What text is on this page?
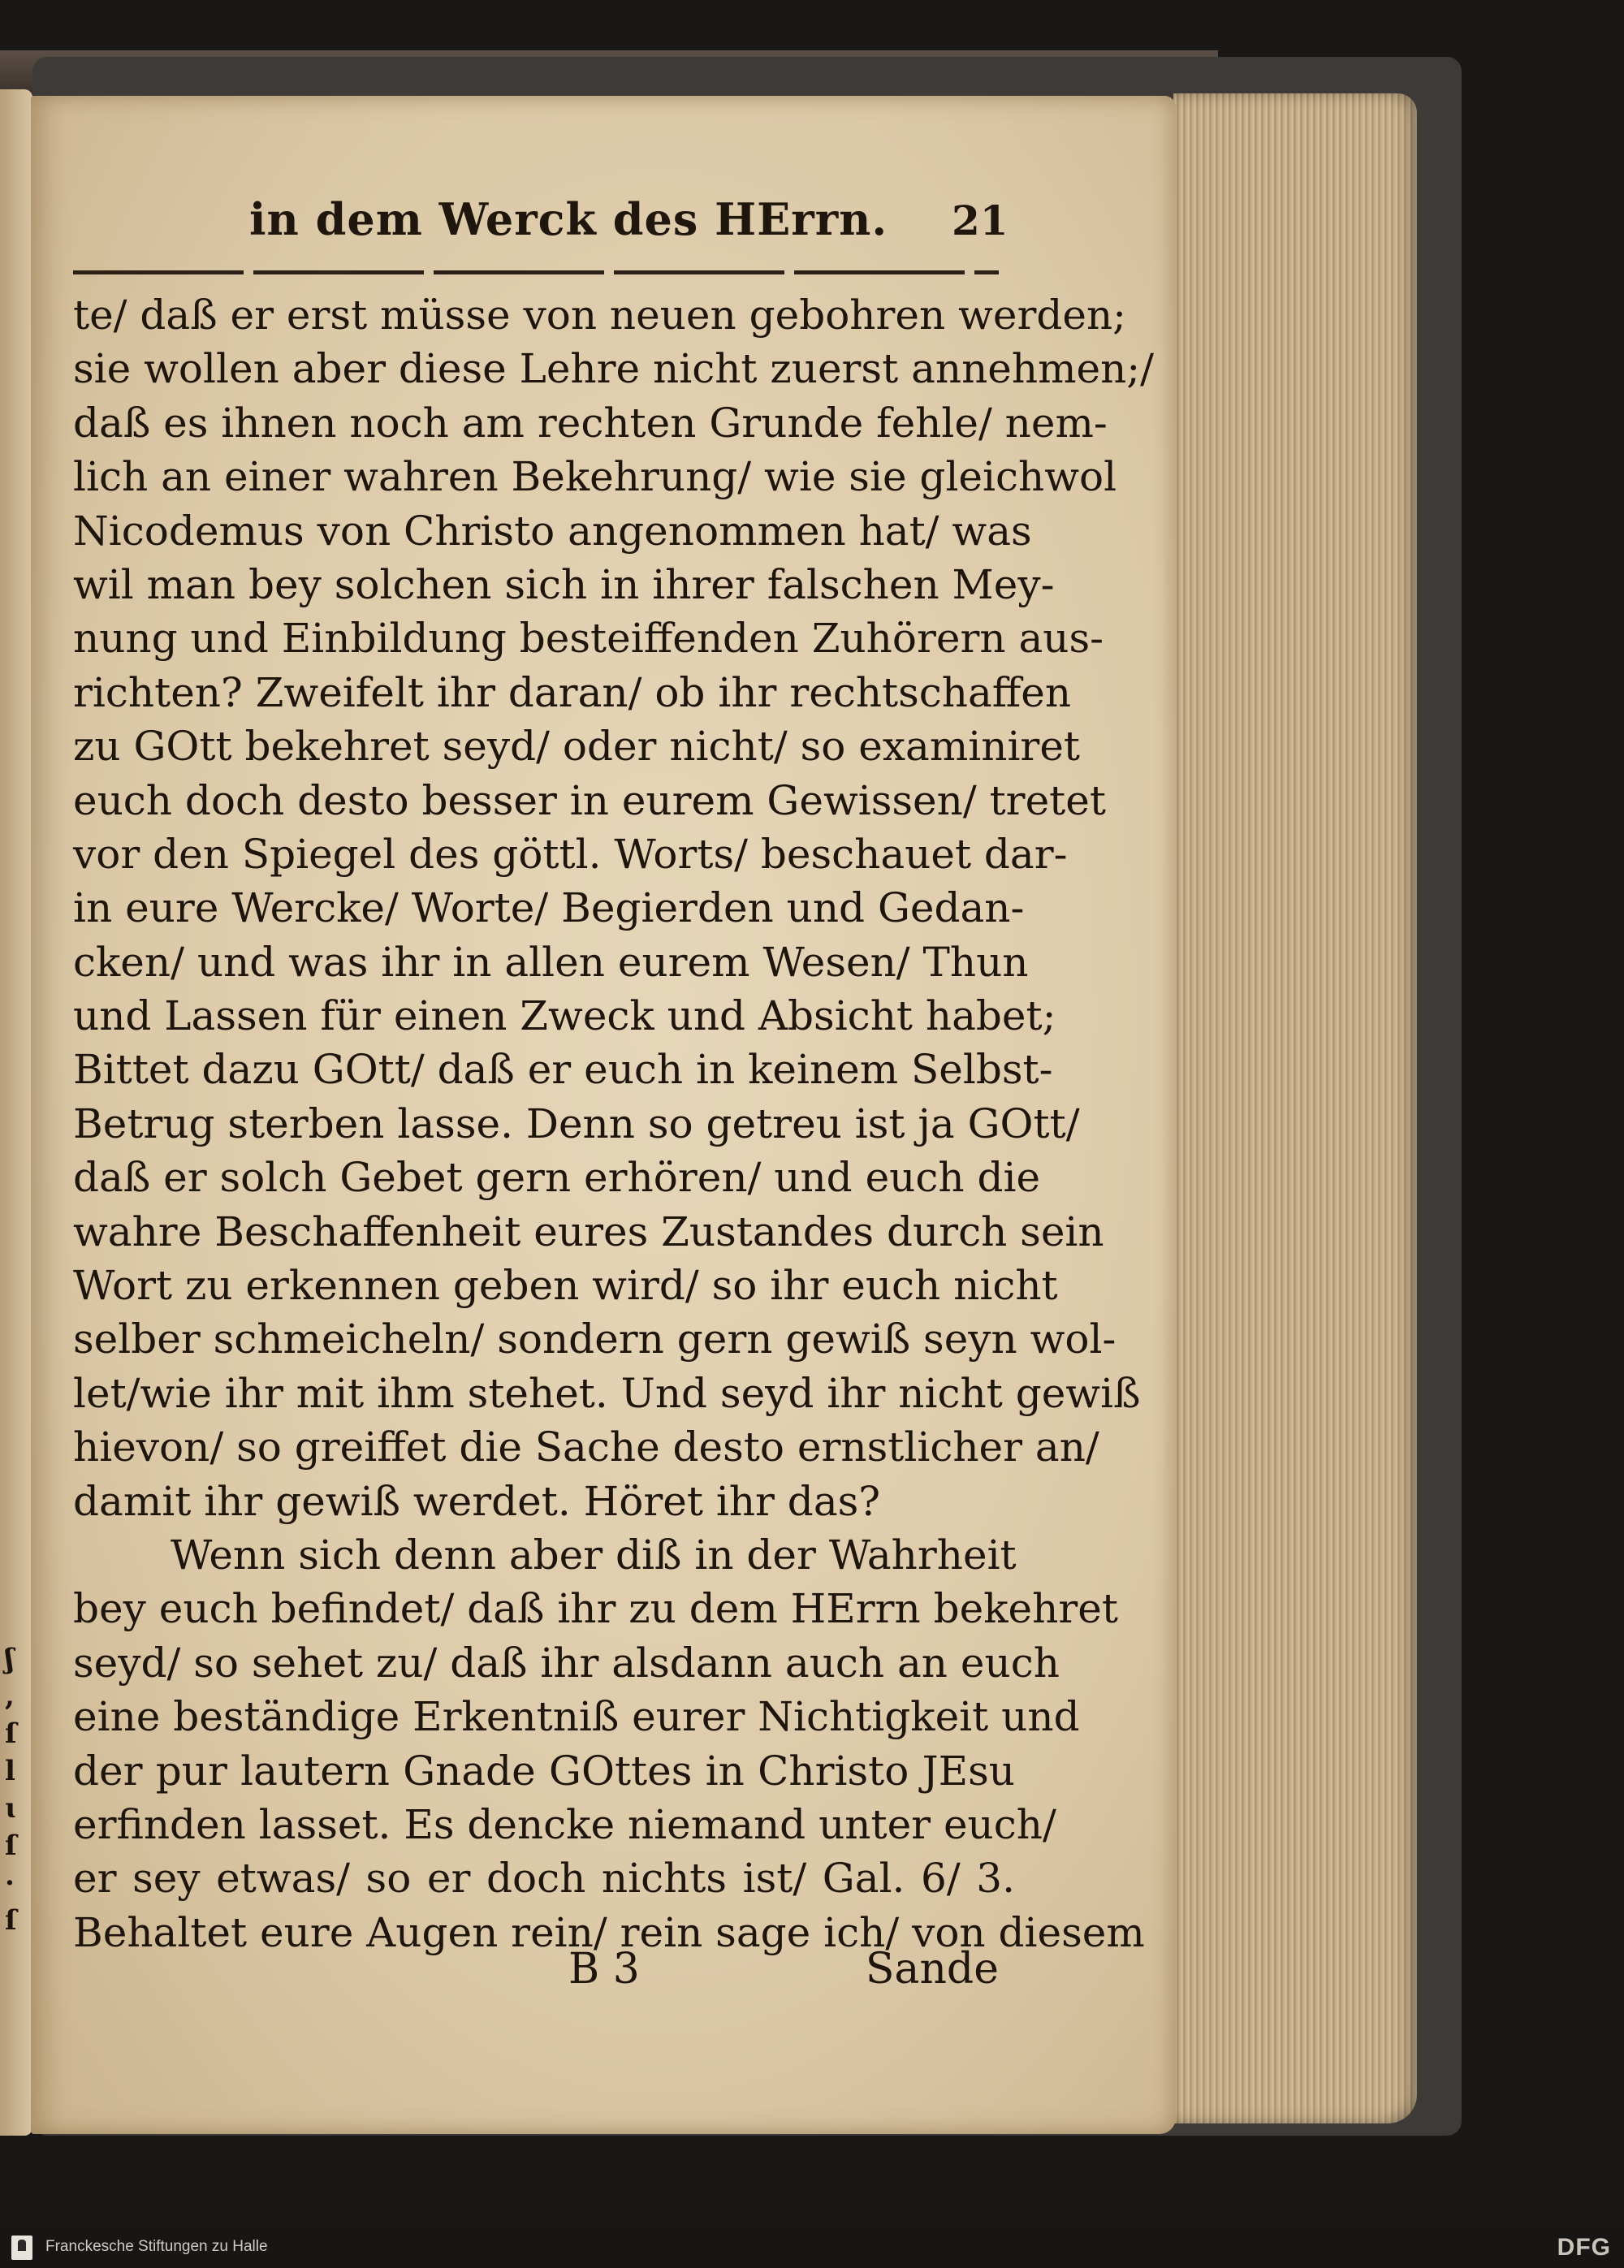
ʃ
,
ſ
l
ɩ
ſ
·
ſ
in dem Werck des HErrn. 21
te/ daß er erst müsse von neuen gebohren werden;
sie wollen aber diese Lehre nicht zuerst annehmen;/
daß es ihnen noch am rechten Grunde fehle/ nem-
lich an einer wahren Bekehrung/ wie sie gleichwol
Nicodemus von Christo angenommen hat/ was
wil man bey solchen sich in ihrer falschen Mey-
nung und Einbildung besteiffenden Zuhörern aus-
richten? Zweifelt ihr daran/ ob ihr rechtschaffen
zu GOtt bekehret seyd/ oder nicht/ so examiniret
euch doch desto besser in eurem Gewissen/ tretet
vor den Spiegel des göttl. Worts/ beschauet dar-
in eure Wercke/ Worte/ Begierden und Gedan-
cken/ und was ihr in allen eurem Wesen/ Thun
und Lassen für einen Zweck und Absicht habet;
Bittet dazu GOtt/ daß er euch in keinem Selbst-
Betrug sterben lasse. Denn so getreu ist ja GOtt/
daß er solch Gebet gern erhören/ und euch die
wahre Beschaffenheit eures Zustandes durch sein
Wort zu erkennen geben wird/ so ihr euch nicht
selber schmeicheln/ sondern gern gewiß seyn wol-
let/wie ihr mit ihm stehet. Und seyd ihr nicht gewiß
hievon/ so greiffet die Sache desto ernstlicher an/
damit ihr gewiß werdet. Höret ihr das?
Wenn sich denn aber diß in der Wahrheit
bey euch befindet/ daß ihr zu dem HErrn bekehret
seyd/ so sehet zu/ daß ihr alsdann auch an euch
eine beständige Erkentniß eurer Nichtigkeit und
der pur lautern Gnade GOttes in Christo JEsu
erfinden lasset. Es dencke niemand unter euch/
er sey etwas/ so er doch nichts ist/ Gal. 6/ 3.
Behaltet eure Augen rein/ rein sage ich/ von diesem
B 3	Sande
Franckesche Stiftungen zu Halle	DFG
